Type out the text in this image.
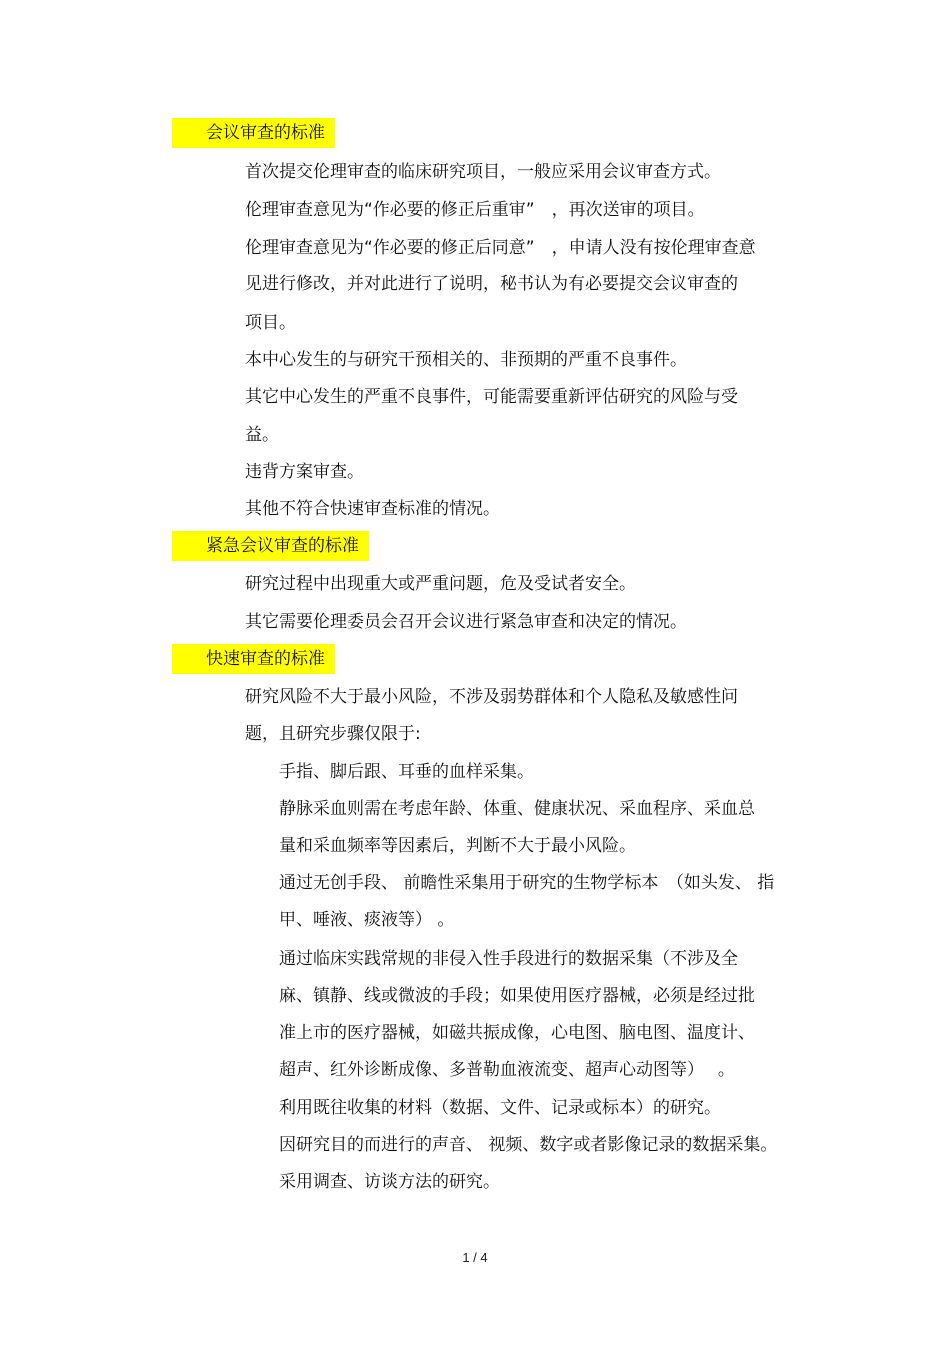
会议审查的标准
首次提交伦理审查的临床研究项目，一般应采用会议审查方式。
伦理审查意见为“作必要的修正后重审”　，再次送审的项目。
伦理审查意见为“作必要的修正后同意”　，申请人没有按伦理审查意
见进行修改，并对此进行了说明，秘书认为有必要提交会议审查的
项目。
本中心发生的与研究干预相关的、非预期的严重不良事件。
其它中心发生的严重不良事件，可能需要重新评估研究的风险与受
益。
违背方案审查。
其他不符合快速审查标准的情况。
紧急会议审查的标准
研究过程中出现重大或严重问题，危及受试者安全。
其它需要伦理委员会召开会议进行紧急审查和决定的情况。
快速审查的标准
研究风险不大于最小风险，不涉及弱势群体和个人隐私及敏感性问
题，且研究步骤仅限于:
手指、脚后跟、耳垂的血样采集。
静脉采血则需在考虑年龄、体重、健康状况、采血程序、采血总
量和采血频率等因素后，判断不大于最小风险。
通过无创手段、 前瞻性采集用于研究的生物学标本　（如头发、 指
甲、唾液、痰液等） 。
通过临床实践常规的非侵入性手段进行的数据采集（不涉及全
麻、镇静、线或微波的手段；如果使用医疗器械，必须是经过批
准上市的医疗器械，如磁共振成像，心电图、脑电图、温度计、
超声、红外诊断成像、多普勒血液流变、超声心动图等）　 。
利用既往收集的材料（数据、文件、记录或标本）的研究。
因研究目的而进行的声音、 视频、数字或者影像记录的数据采集。
采用调查、访谈方法的研究。
1 / 4
